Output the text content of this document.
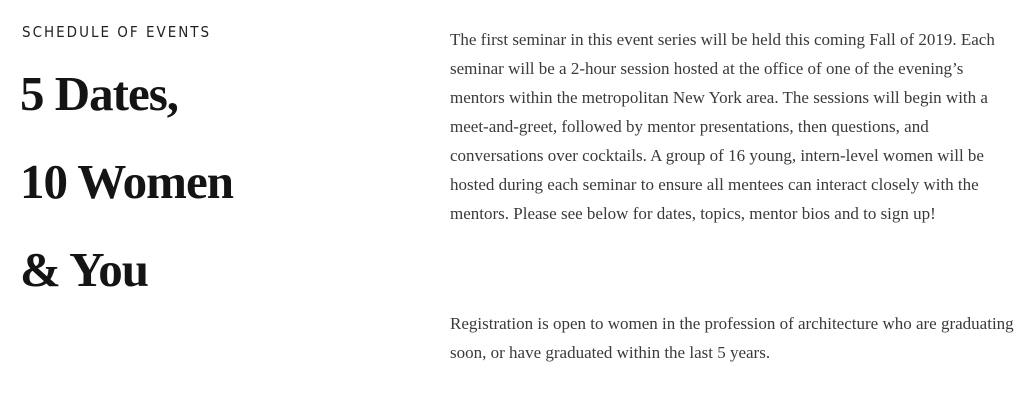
SCHEDULE OF EVENTS
5 Dates,
10 Women
& You

The first seminar in this event series will be held this coming Fall of 2019. Each seminar will be a 2-hour session hosted at the office of one of the evening’s mentors within the metropolitan New York area. The sessions will begin with a meet-and-greet, followed by mentor presentations, then questions, and conversations over cocktails. A group of 16 young, intern-level women will be hosted during each seminar to ensure all mentees can interact closely with the mentors. Please see below for dates, topics, mentor bios and to sign up!

Registration is open to women in the profession of architecture who are graduating soon, or have graduated within the last 5 years.
